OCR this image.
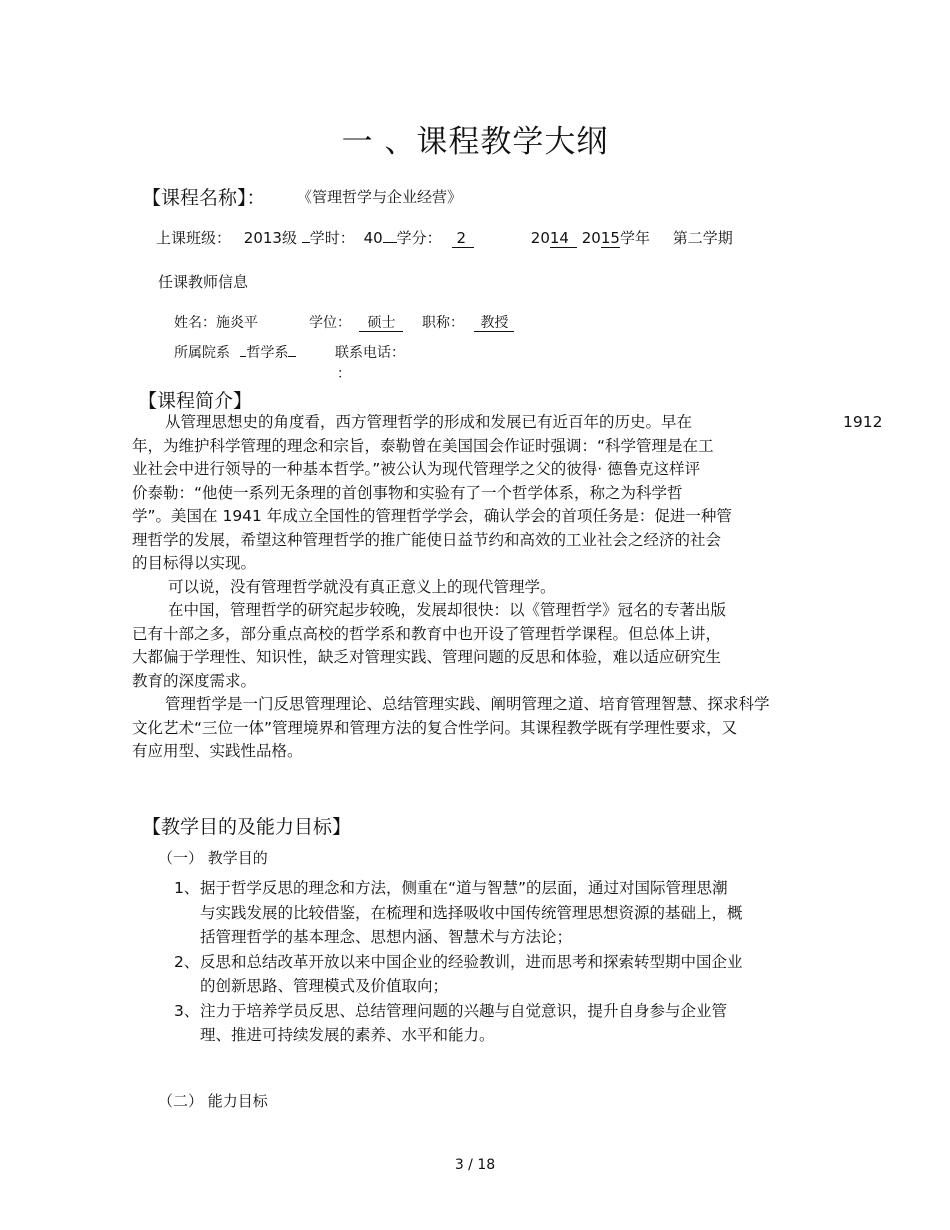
一 、课程教学大纲
【课程名称】： 《管理哲学与企业经营》
上课班级： 2013级 学时： 40 学分： 2	2014 2015学年 第二学期
任课教师信息
姓名：施炎平	学位： 硕士	职称： 教授
所属院系 哲学系	联系电话：
：
【课程简介】

从管理思想史的角度看，西方管理哲学的形成和发展已有近百年的历史。早在	1912

年，为维护科学管理的理念和宗旨，泰勒曾在美国国会作证时强调：“科学管理是在工

业社会中进行领导的一种基本哲学。”被公认为现代管理学之父的彼得· 德鲁克这样评

价泰勒：“他使一系列无条理的首创事物和实验有了一个哲学体系，称之为科学哲

学”。美国在 1941 年成立全国性的管理哲学学会，确认学会的首项任务是：促进一种管

理哲学的发展，希望这种管理哲学的推广能使日益节约和高效的工业社会之经济的社会

的目标得以实现。

可以说，没有管理哲学就没有真正意义上的现代管理学。

在中国，管理哲学的研究起步较晚，发展却很快：以《管理哲学》冠名的专著出版

已有十部之多，部分重点高校的哲学系和教育中也开设了管理哲学课程。但总体上讲，

大都偏于学理性、知识性，缺乏对管理实践、管理问题的反思和体验，难以适应研究生

教育的深度需求。

管理哲学是一门反思管理理论、总结管理实践、阐明管理之道、培育管理智慧、探求科学

文化艺术“三位一体”管理境界和管理方法的复合性学问。其课程教学既有学理性要求，又

有应用型、实践性品格。

【教学目的及能力目标】
（一） 教学目的
1、 据于哲学反思的理念和方法，侧重在“道与智慧”的层面，通过对国际管理思潮
与实践发展的比较借鉴，在梳理和选择吸收中国传统管理思想资源的基础上，概
括管理哲学的基本理念、思想内涵、智慧术与方法论；
2、 反思和总结改革开放以来中国企业的经验教训，进而思考和探索转型期中国企业
的创新思路、管理模式及价值取向；
3、 注力于培养学员反思、总结管理问题的兴趣与自觉意识，提升自身参与企业管
理、推进可持续发展的素养、水平和能力。
（二） 能力目标
3 / 18
